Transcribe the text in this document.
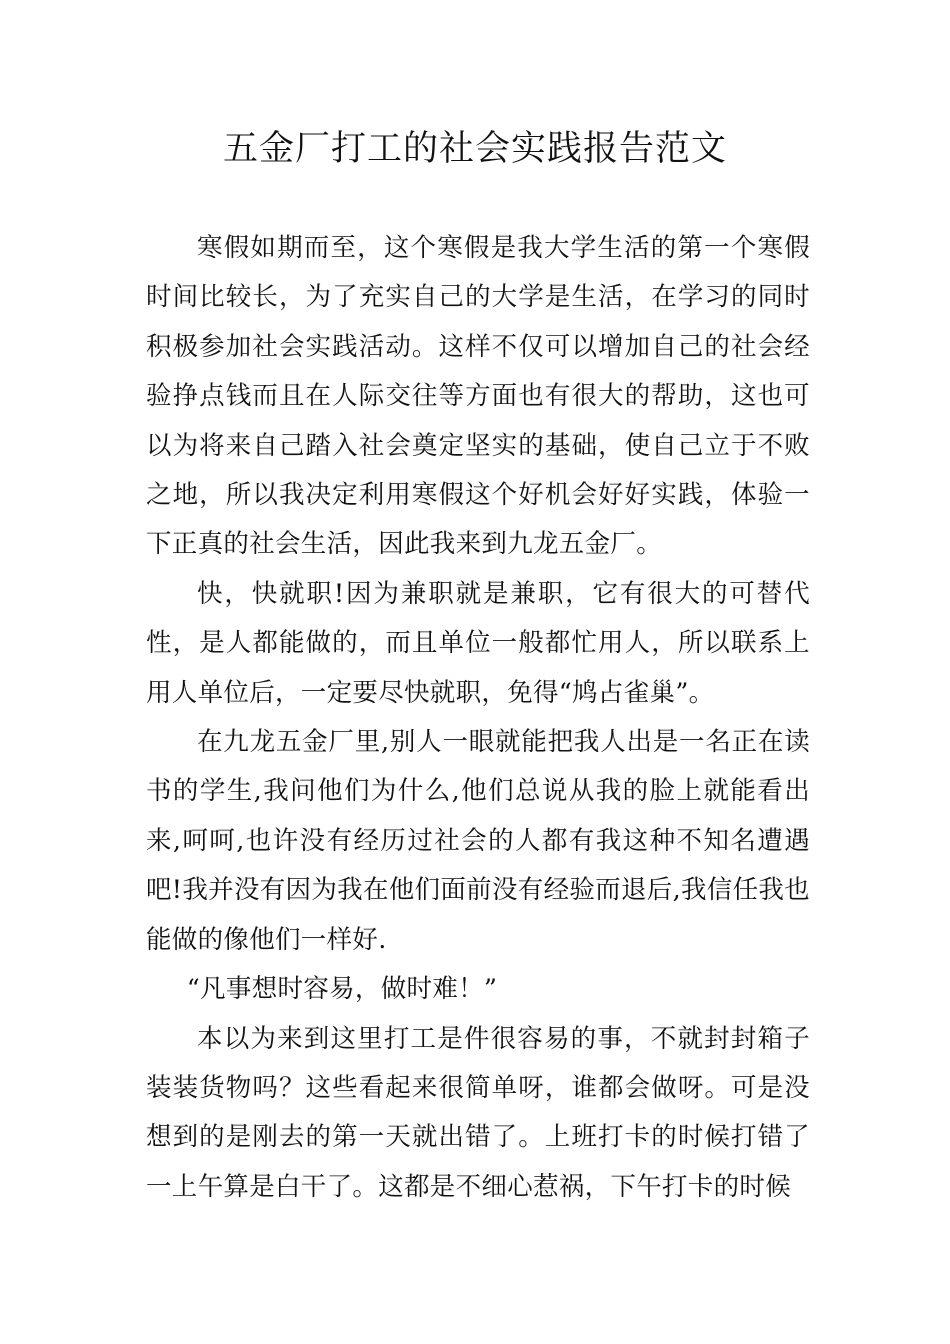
五金厂打工的社会实践报告范文

寒假如期而至，这个寒假是我大学生活的第一个寒假时间比较长，为了充实自己的大学是生活，在学习的同时积极参加社会实践活动。这样不仅可以增加自己的社会经验挣点钱而且在人际交往等方面也有很大的帮助，这也可以为将来自己踏入社会奠定坚实的基础，使自己立于不败之地，所以我决定利用寒假这个好机会好好实践，体验一下正真的社会生活，因此我来到九龙五金厂。

快，快就职!因为兼职就是兼职，它有很大的可替代性，是人都能做的，而且单位一般都忙用人，所以联系上用人单位后，一定要尽快就职，免得“鸠占雀巢”。

在九龙五金厂里,别人一眼就能把我人出是一名正在读书的学生,我问他们为什么,他们总说从我的脸上就能看出来,呵呵,也许没有经历过社会的人都有我这种不知名遭遇吧!我并没有因为我在他们面前没有经验而退后,我信任我也能做的像他们一样好.

“凡事想时容易，做时难！”

本以为来到这里打工是件很容易的事，不就封封箱子装装货物吗？这些看起来很简单呀，谁都会做呀。可是没想到的是刚去的第一天就出错了。上班打卡的时候打错了一上午算是白干了。这都是不细心惹祸，下午打卡的时候
